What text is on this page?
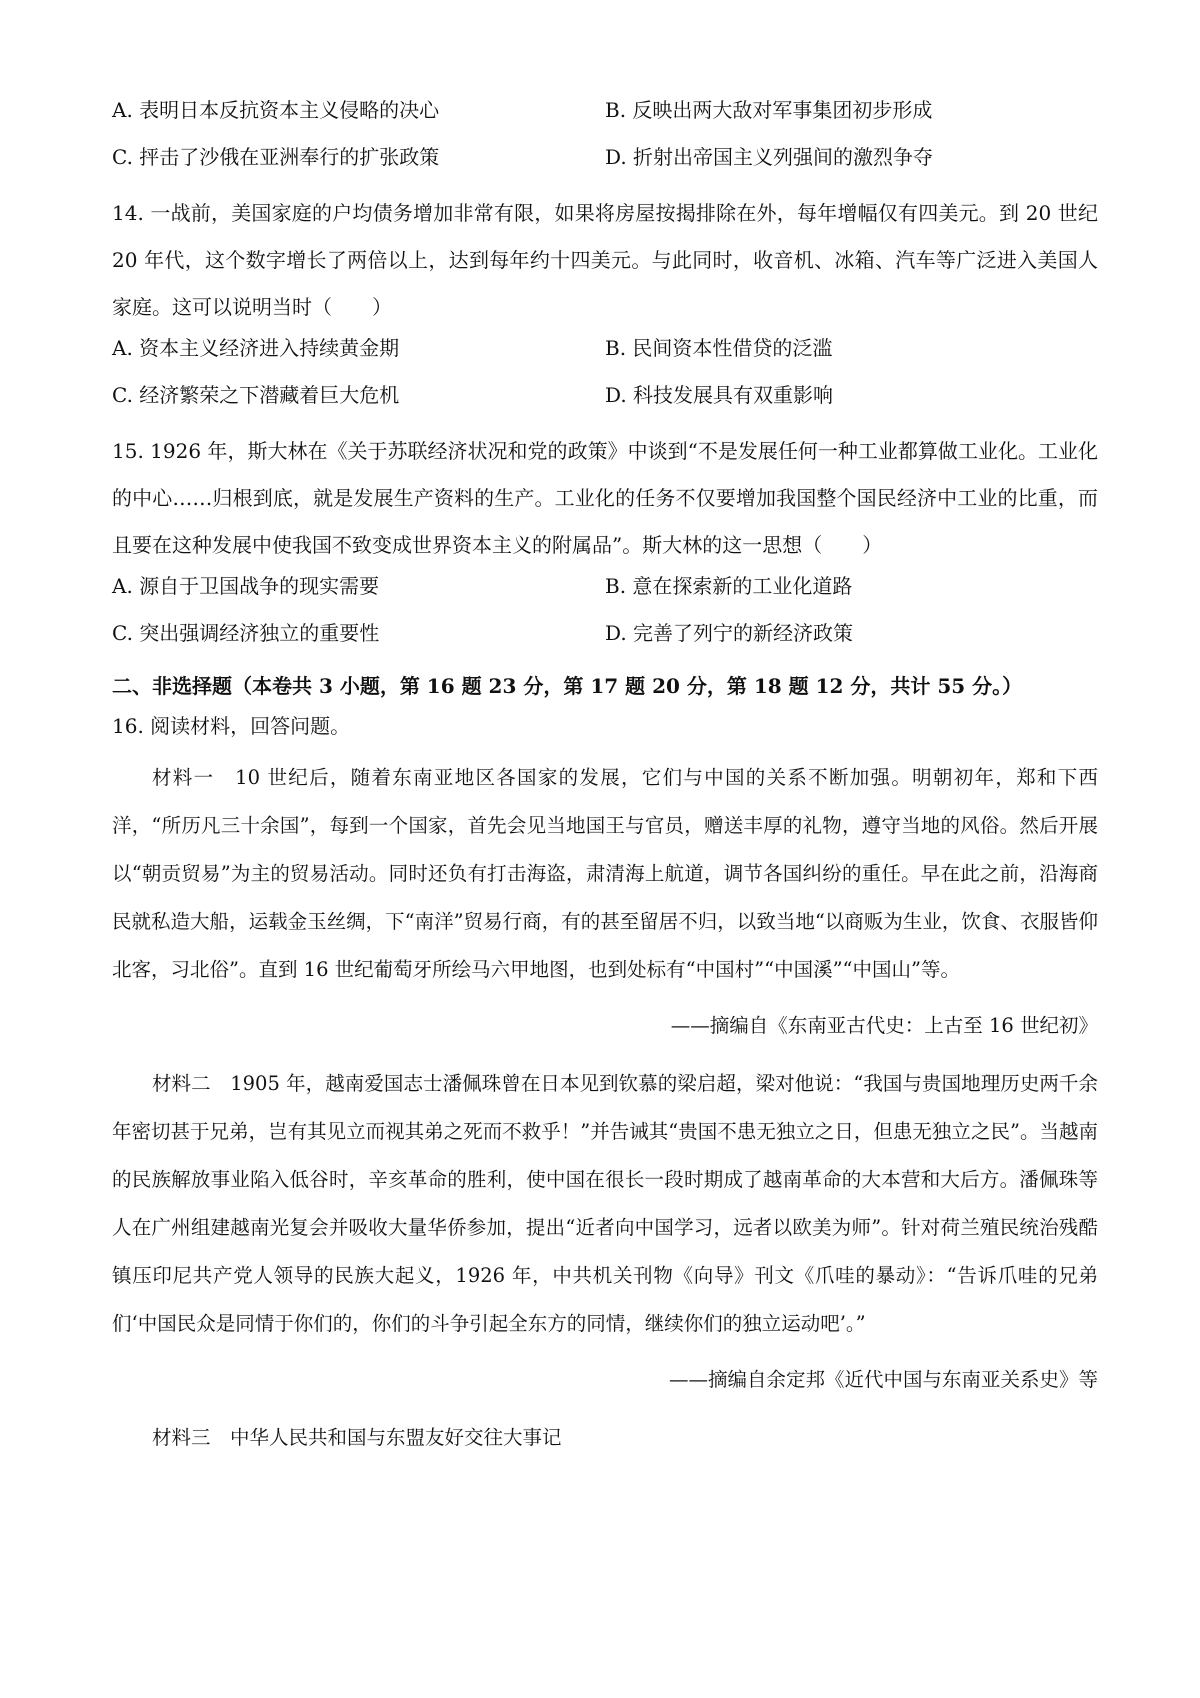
A. 表明日本反抗资本主义侵略的决心	B. 反映出两大敌对军事集团初步形成
C. 抨击了沙俄在亚洲奉行的扩张政策	D. 折射出帝国主义列强间的激烈争夺
14. 一战前，美国家庭的户均债务增加非常有限，如果将房屋按揭排除在外，每年增幅仅有四美元。到 20 世纪 20 年代，这个数字增长了两倍以上，达到每年约十四美元。与此同时，收音机、冰箱、汽车等广泛进入美国人家庭。这可以说明当时（　　）
A. 资本主义经济进入持续黄金期	B. 民间资本性借贷的泛滥
C. 经济繁荣之下潜藏着巨大危机	D. 科技发展具有双重影响
15. 1926 年，斯大林在《关于苏联经济状况和党的政策》中谈到“不是发展任何一种工业都算做工业化。工业化的中心……归根到底，就是发展生产资料的生产。工业化的任务不仅要增加我国整个国民经济中工业的比重，而且要在这种发展中使我国不致变成世界资本主义的附属品”。斯大林的这一思想（　　）
A. 源自于卫国战争的现实需要	B. 意在探索新的工业化道路
C. 突出强调经济独立的重要性	D. 完善了列宁的新经济政策
二、非选择题（本卷共 3 小题，第 16 题 23 分，第 17 题 20 分，第 18 题 12 分，共计 55 分。）
16. 阅读材料，回答问题。
材料一　10 世纪后，随着东南亚地区各国家的发展，它们与中国的关系不断加强。明朝初年，郑和下西洋，“所历凡三十余国”，每到一个国家，首先会见当地国王与官员，赠送丰厚的礼物，遵守当地的风俗。然后开展以“朝贡贸易”为主的贸易活动。同时还负有打击海盗，肃清海上航道，调节各国纠纷的重任。早在此之前，沿海商民就私造大船，运载金玉丝绸，下“南洋”贸易行商，有的甚至留居不归，以致当地“以商贩为生业，饮食、衣服皆仰北客，习北俗”。直到 16 世纪葡萄牙所绘马六甲地图，也到处标有“中国村”“中国溪”“中国山”等。
——摘编自《东南亚古代史：上古至 16 世纪初》
材料二　1905 年，越南爱国志士潘佩珠曾在日本见到钦慕的梁启超，梁对他说：“我国与贵国地理历史两千余年密切甚于兄弟，岂有其见立而视其弟之死而不救乎！”并告诫其“贵国不患无独立之日，但患无独立之民”。当越南的民族解放事业陷入低谷时，辛亥革命的胜利，使中国在很长一段时期成了越南革命的大本营和大后方。潘佩珠等人在广州组建越南光复会并吸收大量华侨参加，提出“近者向中国学习，远者以欧美为师”。针对荷兰殖民统治残酷镇压印尼共产党人领导的民族大起义，1926 年，中共机关刊物《向导》刊文《爪哇的暴动》：“告诉爪哇的兄弟们‘中国民众是同情于你们的，你们的斗争引起全东方的同情，继续你们的独立运动吧’。”
——摘编自余定邦《近代中国与东南亚关系史》等
材料三　中华人民共和国与东盟友好交往大事记
